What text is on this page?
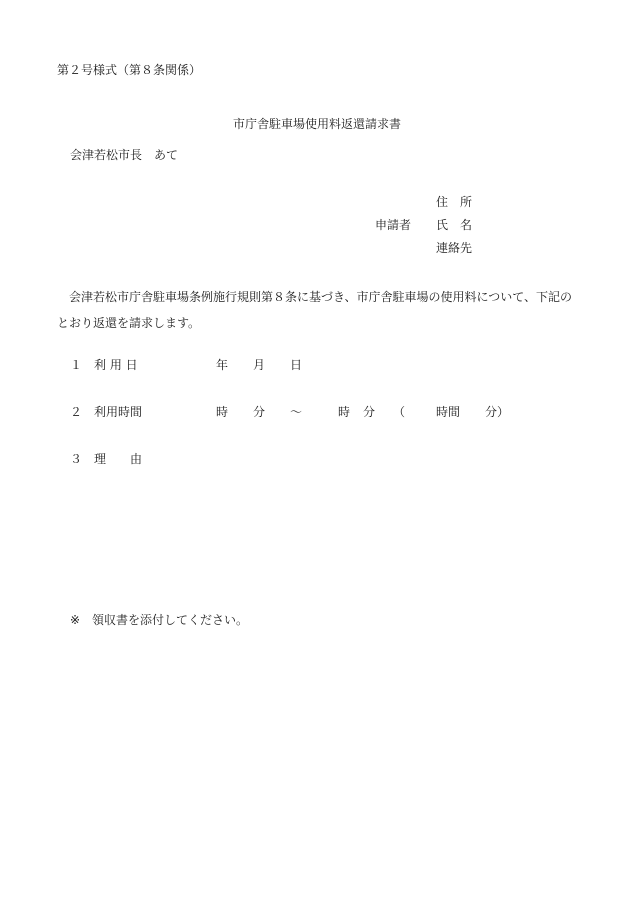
第２号様式（第８条関係）
市庁舎駐車場使用料返還請求書
会津若松市長　あて
住　所
申請者 氏　名
連絡先
会津若松市庁舎駐車場条例施行規則第８条に基づき、市庁舎駐車場の使用料について、下記のとおり返還を請求します。
１ 利 用 日	年 月 日
２ 利用時間	時 分 ～	時 分 （	時間 分）
３ 理　　由
※　領収書を添付してください。
